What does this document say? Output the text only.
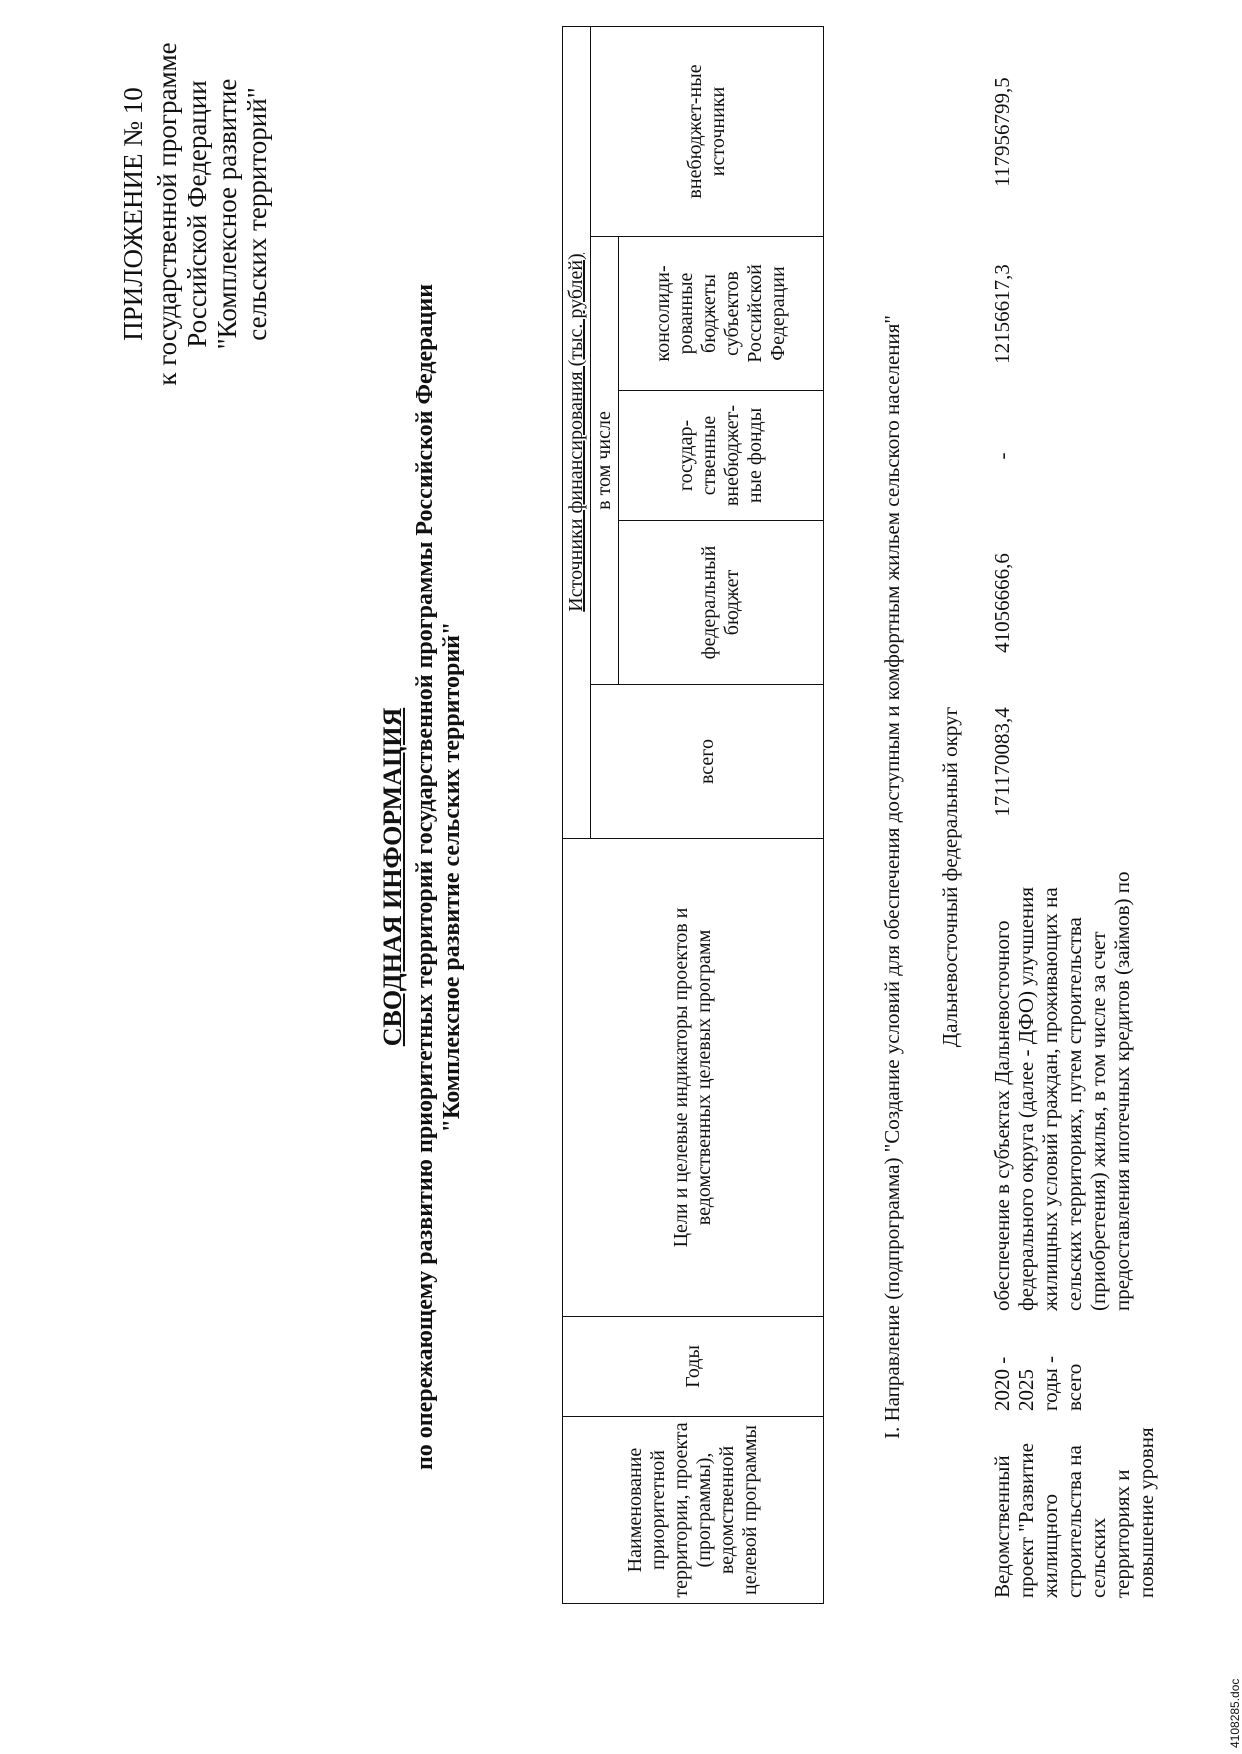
ПРИЛОЖЕНИЕ № 10 к государственной программе Российской Федерации "Комплексное развитие сельских территорий"
СВОДНАЯ ИНФОРМАЦИЯ по опережающему развитию приоритетных территорий государственной программы Российской Федерации "Комплексное развитие сельских территорий"
Наименование приоритетной территории, проекта (программы), ведомственной целевой программы	Годы	Цели и целевые индикаторы проектов и ведомственных целевых программ	Источники финансирования (тыс. рублей)				
			всего	в том числе			внебюджет-ные источники
				федеральный бюджет	государ-ственные внебюджет-ные фонды	консолиди-рованные бюджеты субъектов Российской Федерации	
I. Направление (подпрограмма) "Создание условий для обеспечения доступным и комфортным жильем сельского населения" Дальневосточный федеральный округ
Ведомственный проект "Развитие жилищного строительства на сельских территориях и повышение уровня	2020 - 2025 годы - всего	обеспечение в субъектах Дальневосточного федерального округа (далее - ДФО) улучшения жилищных условий граждан, проживающих на сельских территориях, путем строительства (приобретения) жилья, в том числе за счет предоставления ипотечных кредитов (займов) по	171170083,4	41056666,6	-	12156617,3	117956799,5
4108285.doc
